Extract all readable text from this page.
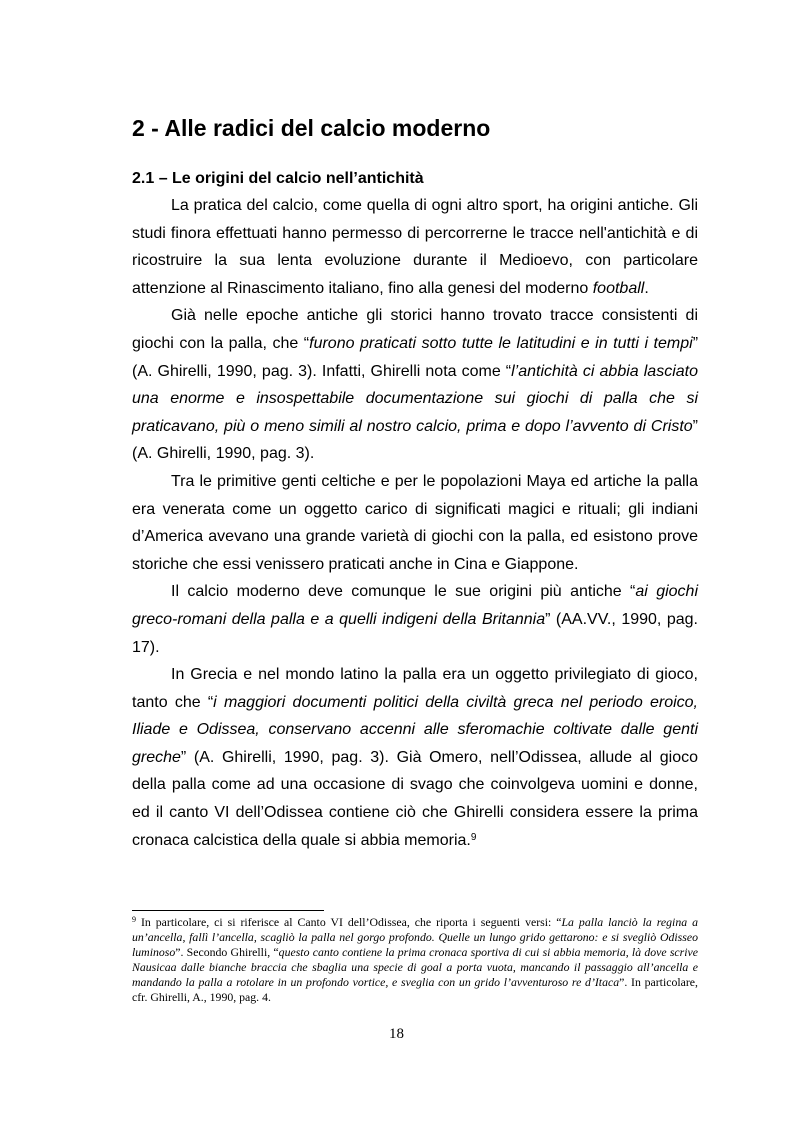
2 - Alle radici del calcio moderno
2.1 – Le origini del calcio nell’antichità

La pratica del calcio, come quella di ogni altro sport, ha origini antiche. Gli studi finora effettuati hanno permesso di percorrerne le tracce nell'antichità e di ricostruire la sua lenta evoluzione durante il Medioevo, con particolare attenzione al Rinascimento italiano, fino alla genesi del moderno football.

Già nelle epoche antiche gli storici hanno trovato tracce consistenti di giochi con la palla, che “furono praticati sotto tutte le latitudini e in tutti i tempi” (A. Ghirelli, 1990, pag. 3). Infatti, Ghirelli nota come “l’antichità ci abbia lasciato una enorme e insospettabile documentazione sui giochi di palla che si praticavano, più o meno simili al nostro calcio, prima e dopo l’avvento di Cristo” (A. Ghirelli, 1990, pag. 3).

Tra le primitive genti celtiche e per le popolazioni Maya ed artiche la palla era venerata come un oggetto carico di significati magici e rituali; gli indiani d’America avevano una grande varietà di giochi con la palla, ed esistono prove storiche che essi venissero praticati anche in Cina e Giappone.

Il calcio moderno deve comunque le sue origini più antiche “ai giochi greco-romani della palla e a quelli indigeni della Britannia” (AA.VV., 1990, pag. 17).

In Grecia e nel mondo latino la palla era un oggetto privilegiato di gioco, tanto che “i maggiori documenti politici della civiltà greca nel periodo eroico, Iliade e Odissea, conservano accenni alle sferomachie coltivate dalle genti greche” (A. Ghirelli, 1990, pag. 3). Già Omero, nell’Odissea, allude al gioco della palla come ad una occasione di svago che coinvolgeva uomini e donne, ed il canto VI dell’Odissea contiene ciò che Ghirelli considera essere la prima cronaca calcistica della quale si abbia memoria.$^9$

$^9$ In particolare, ci si riferisce al Canto VI dell’Odissea, che riporta i seguenti versi: “La palla lanciò la regina a un’ancella, fallì l’ancella, scagliò la palla nel gorgo profondo. Quelle un lungo grido gettarono: e si svegliò Odisseo luminoso”. Secondo Ghirelli, “questo canto contiene la prima cronaca sportiva di cui si abbia memoria, là dove scrive Nausicaa dalle bianche braccia che sbaglia una specie di goal a porta vuota, mancando il passaggio all’ancella e mandando la palla a rotolare in un profondo vortice, e sveglia con un grido l’avventuroso re d’Itaca”. In particolare, cfr. Ghirelli, A., 1990, pag. 4.

18
